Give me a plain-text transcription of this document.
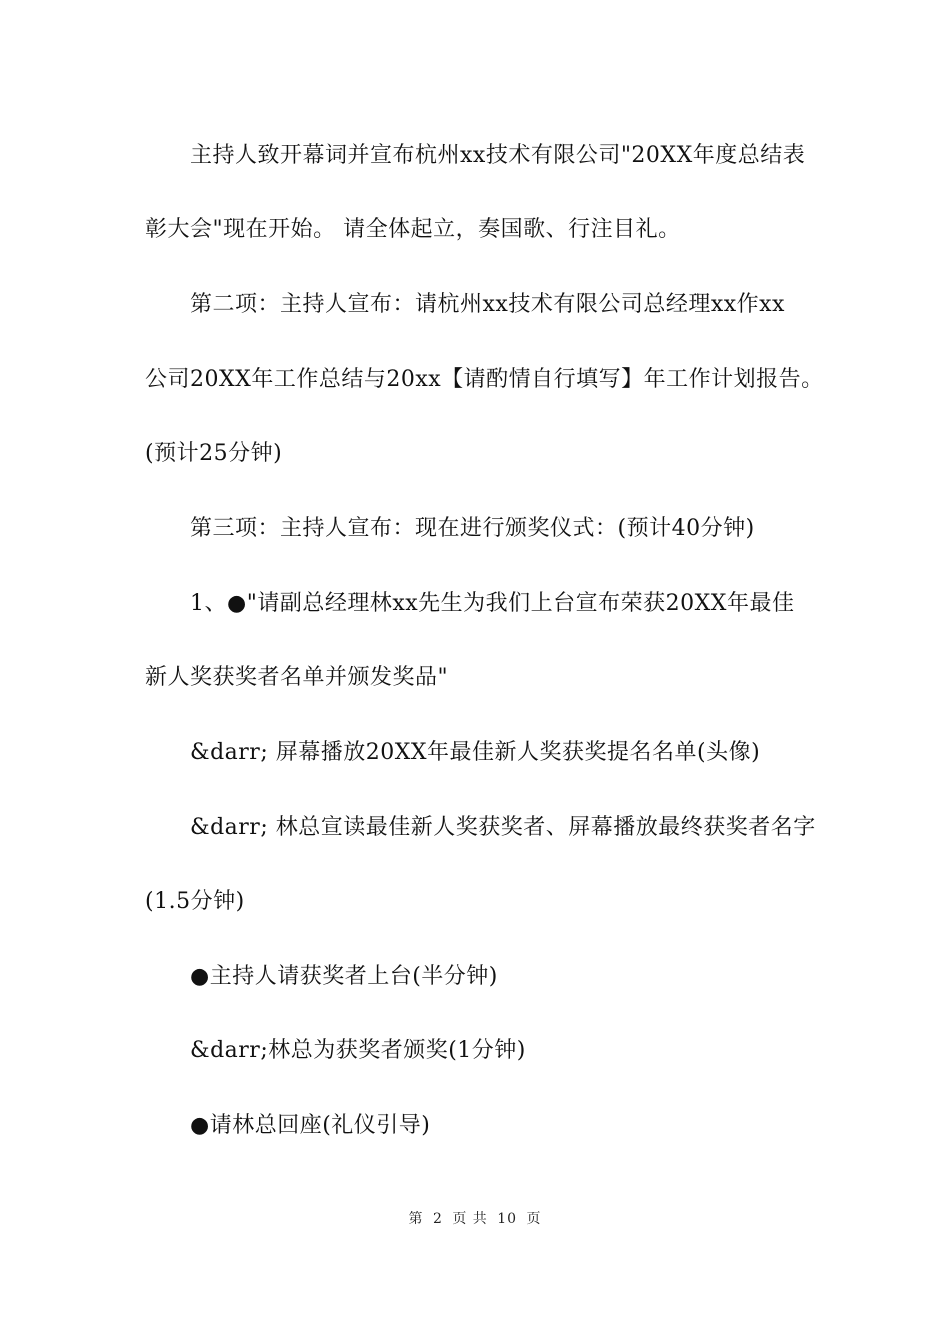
主持人致开幕词并宣布杭州xx技术有限公司"20XX年度总结表
彰大会"现在开始。 请全体起立，奏国歌、行注目礼。
第二项：主持人宣布：请杭州xx技术有限公司总经理xx作xx
公司20XX年工作总结与20xx【请酌情自行填写】年工作计划报告。
(预计25分钟)
第三项：主持人宣布：现在进行颁奖仪式：(预计40分钟)
1、●"请副总经理林xx先生为我们上台宣布荣获20XX年最佳
新人奖获奖者名单并颁发奖品"
&darr; 屏幕播放20XX年最佳新人奖获奖提名名单(头像)
&darr; 林总宣读最佳新人奖获奖者、屏幕播放最终获奖者名字
(1.5分钟)
●主持人请获奖者上台(半分钟)
&darr;林总为获奖者颁奖(1分钟)
●请林总回座(礼仪引导)
第 2 页 共 10 页
